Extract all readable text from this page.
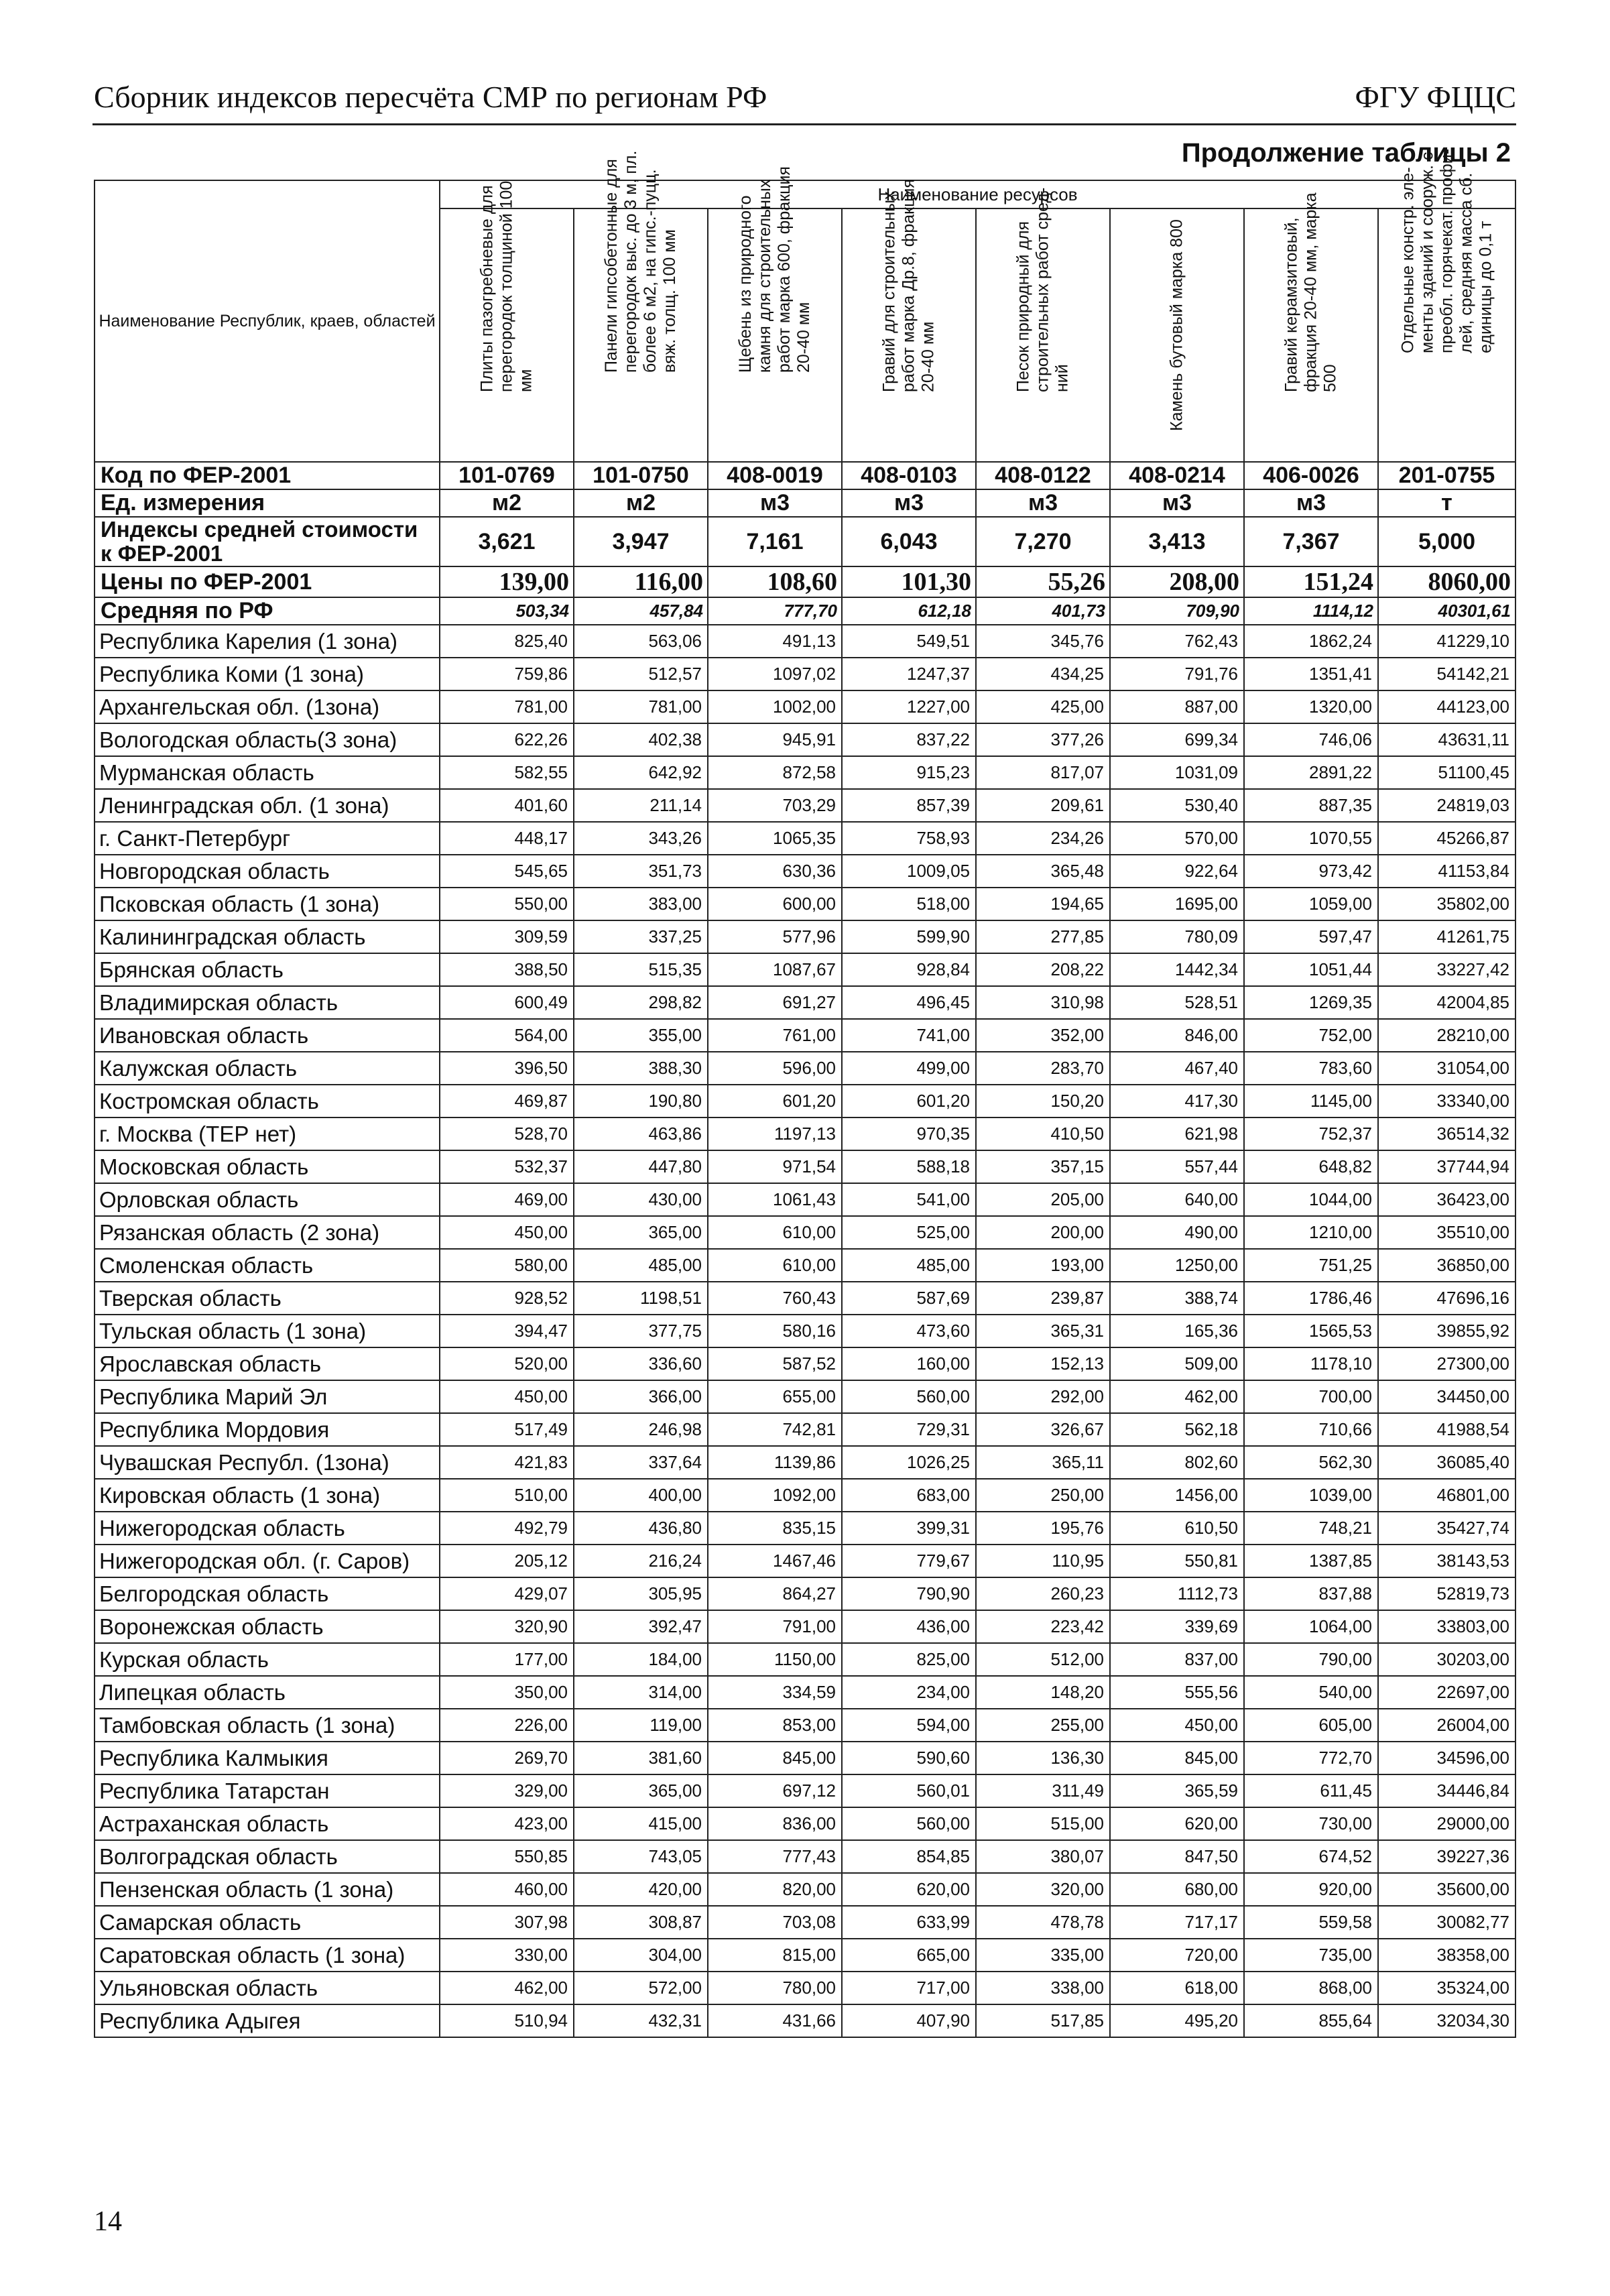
Сборник индексов пересчёта СМР по регионам РФ	ФГУ ФЦЦС
Продолжение таблицы 2
Наименование Республик, краев, областей	Наименование ресурсов							

	Плиты пазогребневые для перегородок толщиной 100 мм	Панели гипсобетонные для перегородок выс. до 3 м, пл. более 6 м2, на гипс.-пуцц. вяж. толщ. 100 мм	Щебень из природного камня для строительных работ марка 600, фракция 20-40 мм	Гравий для строительных работ марка Др.8, фракция 20-40 мм	Песок природный для строительных работ сред-ний	Камень бутовый марка 800	Гравий керамзитовый, фракция 20-40 мм, марка 500	Отдельные констр. эле-менты зданий и сооруж. с преобл. горячекат. профи-лей, средняя масса сб. единицы до 0,1 т

Код по ФЕР-2001	101-0769	101-0750	408-0019	408-0103	408-0122	408-0214	406-0026	201-0755
Ед. измерения	м2	м2	м3	м3	м3	м3	м3	т

Индексы средней стоимости
к ФЕР-2001	3,621	3,947	7,161	6,043	7,270	3,413	7,367	5,000
Цены по ФЕР-2001	139,00	116,00	108,60	101,30	55,26	208,00	151,24	8060,00
Средняя по РФ	503,34	457,84	777,70	612,18	401,73	709,90	1114,12	40301,61
Республика Карелия (1 зона)	825,40	563,06	491,13	549,51	345,76	762,43	1862,24	41229,10
Республика Коми (1 зона)	759,86	512,57	1097,02	1247,37	434,25	791,76	1351,41	54142,21
Архангельская обл. (1зона)	781,00	781,00	1002,00	1227,00	425,00	887,00	1320,00	44123,00
Вологодская область(3 зона)	622,26	402,38	945,91	837,22	377,26	699,34	746,06	43631,11
Мурманская область	582,55	642,92	872,58	915,23	817,07	1031,09	2891,22	51100,45
Ленинградская обл. (1 зона)	401,60	211,14	703,29	857,39	209,61	530,40	887,35	24819,03
г. Санкт-Петербург	448,17	343,26	1065,35	758,93	234,26	570,00	1070,55	45266,87
Новгородская область	545,65	351,73	630,36	1009,05	365,48	922,64	973,42	41153,84
Псковская область (1 зона)	550,00	383,00	600,00	518,00	194,65	1695,00	1059,00	35802,00
Калининградская область	309,59	337,25	577,96	599,90	277,85	780,09	597,47	41261,75
Брянская область	388,50	515,35	1087,67	928,84	208,22	1442,34	1051,44	33227,42
Владимирская область	600,49	298,82	691,27	496,45	310,98	528,51	1269,35	42004,85
Ивановская область	564,00	355,00	761,00	741,00	352,00	846,00	752,00	28210,00
Калужская область	396,50	388,30	596,00	499,00	283,70	467,40	783,60	31054,00
Костромская область	469,87	190,80	601,20	601,20	150,20	417,30	1145,00	33340,00
г. Москва (ТЕР нет)	528,70	463,86	1197,13	970,35	410,50	621,98	752,37	36514,32
Московская область	532,37	447,80	971,54	588,18	357,15	557,44	648,82	37744,94
Орловская область	469,00	430,00	1061,43	541,00	205,00	640,00	1044,00	36423,00
Рязанская область (2 зона)	450,00	365,00	610,00	525,00	200,00	490,00	1210,00	35510,00
Смоленская область	580,00	485,00	610,00	485,00	193,00	1250,00	751,25	36850,00
Тверская область	928,52	1198,51	760,43	587,69	239,87	388,74	1786,46	47696,16
Тульская область (1 зона)	394,47	377,75	580,16	473,60	365,31	165,36	1565,53	39855,92
Ярославская область	520,00	336,60	587,52	160,00	152,13	509,00	1178,10	27300,00
Республика Марий Эл	450,00	366,00	655,00	560,00	292,00	462,00	700,00	34450,00
Республика Мордовия	517,49	246,98	742,81	729,31	326,67	562,18	710,66	41988,54
Чувашская Республ. (1зона)	421,83	337,64	1139,86	1026,25	365,11	802,60	562,30	36085,40
Кировская область (1 зона)	510,00	400,00	1092,00	683,00	250,00	1456,00	1039,00	46801,00
Нижегородская область	492,79	436,80	835,15	399,31	195,76	610,50	748,21	35427,74
Нижегородская обл. (г. Саров)	205,12	216,24	1467,46	779,67	110,95	550,81	1387,85	38143,53
Белгородская область	429,07	305,95	864,27	790,90	260,23	1112,73	837,88	52819,73
Воронежская область	320,90	392,47	791,00	436,00	223,42	339,69	1064,00	33803,00
Курская область	177,00	184,00	1150,00	825,00	512,00	837,00	790,00	30203,00
Липецкая область	350,00	314,00	334,59	234,00	148,20	555,56	540,00	22697,00
Тамбовская область (1 зона)	226,00	119,00	853,00	594,00	255,00	450,00	605,00	26004,00
Республика Калмыкия	269,70	381,60	845,00	590,60	136,30	845,00	772,70	34596,00
Республика Татарстан	329,00	365,00	697,12	560,01	311,49	365,59	611,45	34446,84
Астраханская область	423,00	415,00	836,00	560,00	515,00	620,00	730,00	29000,00
Волгоградская область	550,85	743,05	777,43	854,85	380,07	847,50	674,52	39227,36
Пензенская область (1 зона)	460,00	420,00	820,00	620,00	320,00	680,00	920,00	35600,00
Самарская область	307,98	308,87	703,08	633,99	478,78	717,17	559,58	30082,77
Саратовская область (1 зона)	330,00	304,00	815,00	665,00	335,00	720,00	735,00	38358,00
Ульяновская область	462,00	572,00	780,00	717,00	338,00	618,00	868,00	35324,00
Республика Адыгея	510,94	432,31	431,66	407,90	517,85	495,20	855,64	32034,30
14
